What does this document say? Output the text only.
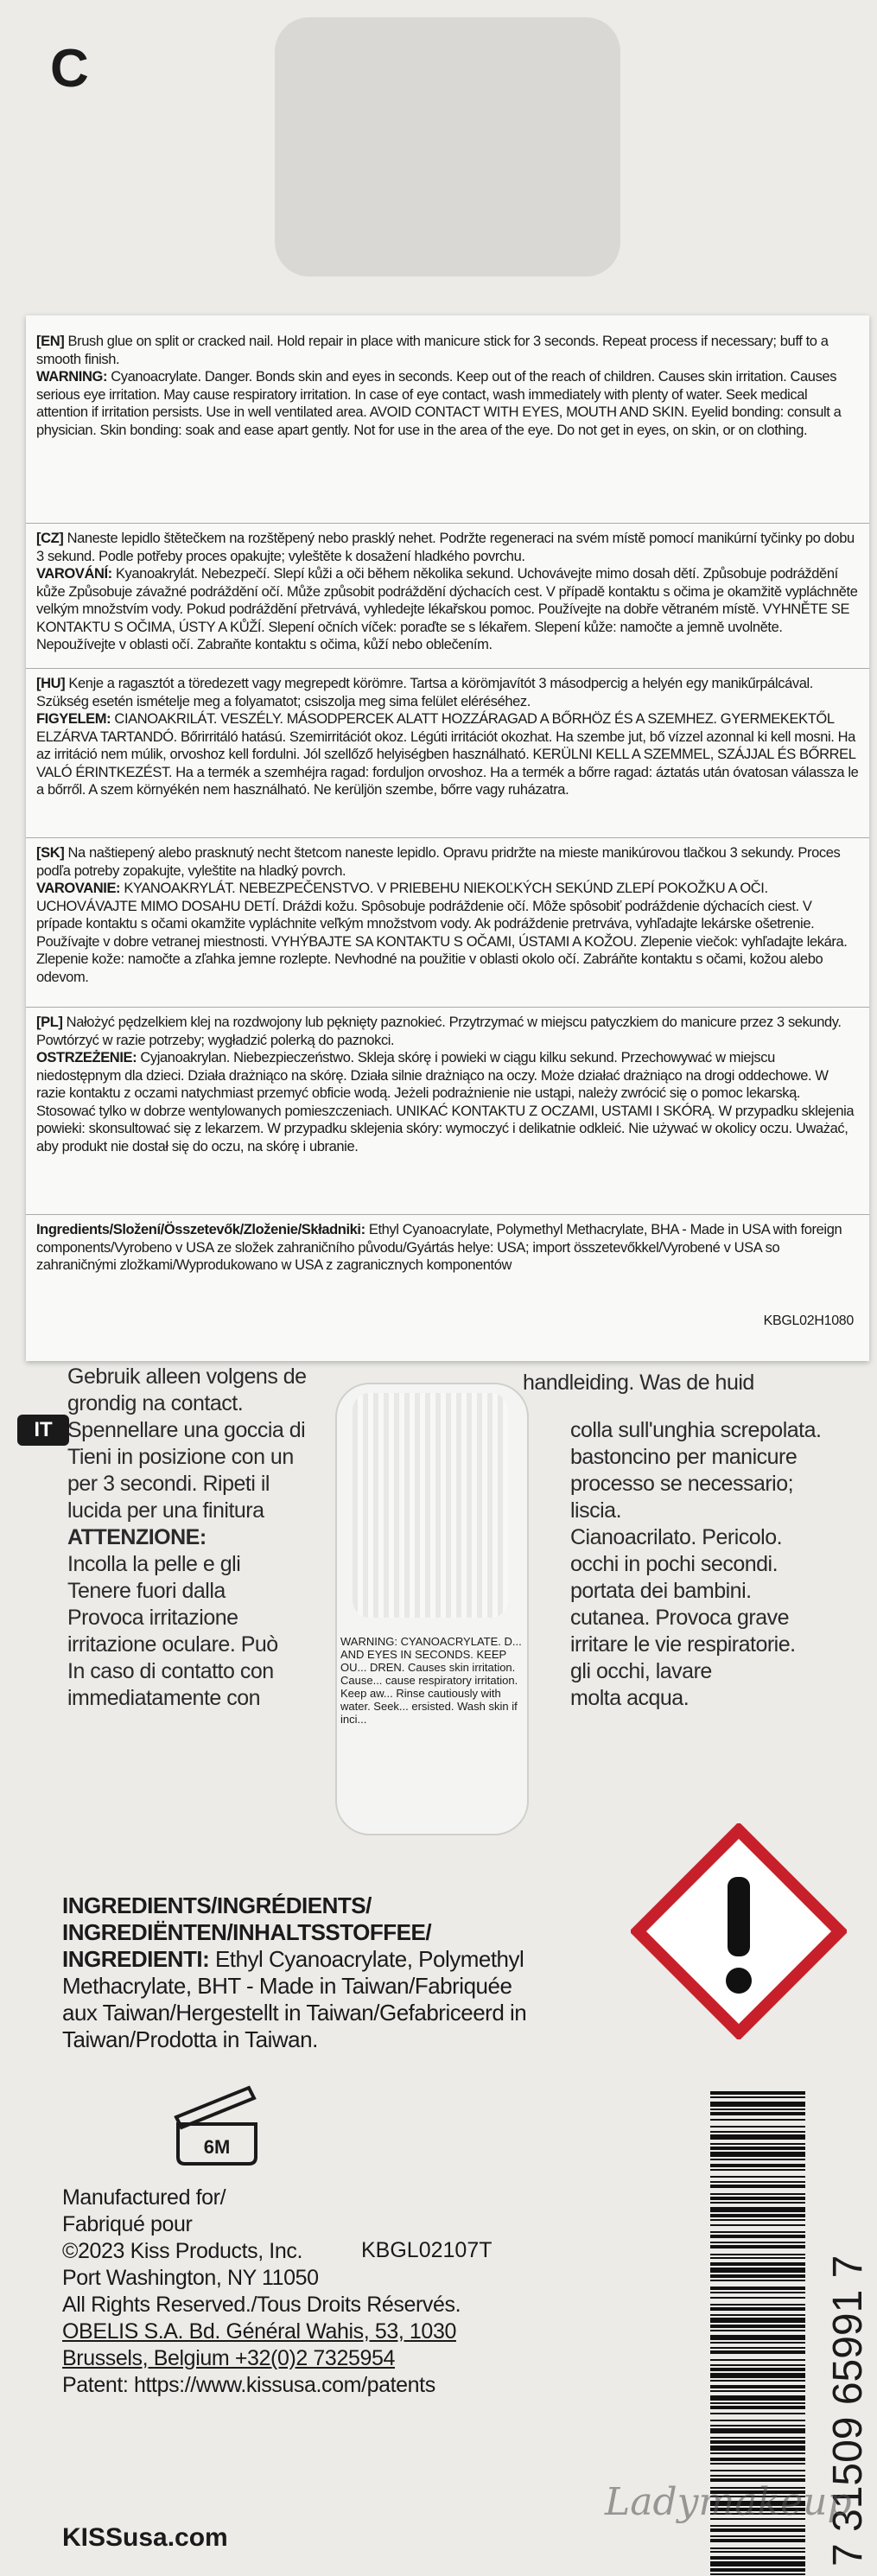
C
Gebruik alleen volgens de
grondig na contact.
handleiding. Was de huid
IT
WARNING: CYANOACRYLATE. D... AND EYES IN SECONDS. KEEP OU... DREN. Causes skin irritation. Cause... cause respiratory irritation. Keep aw... Rinse cautiously with water. Seek... ersisted. Wash skin if inci...
[EN] Brush glue on split or cracked nail. Hold repair in place with manicure stick for 3 seconds. Repeat process if necessary; buff to a smooth finish.
WARNING: Cyanoacrylate. Danger. Bonds skin and eyes in seconds. Keep out of the reach of children. Causes skin irritation. Causes serious eye irritation. May cause respiratory irritation. In case of eye contact, wash immediately with plenty of water. Seek medical attention if irritation persists. Use in well ventilated area. AVOID CONTACT WITH EYES, MOUTH AND SKIN. Eyelid bonding: consult a physician. Skin bonding: soak and ease apart gently. Not for use in the area of the eye. Do not get in eyes, on skin, or on clothing.
[CZ] Naneste lepidlo štětečkem na rozštěpený nebo prasklý nehet. Podržte regeneraci na svém místě pomocí manikúrní tyčinky po dobu 3 sekund. Podle potřeby proces opakujte; vyleštěte k dosažení hladkého povrchu.
VAROVÁNÍ: Kyanoakrylát. Nebezpečí. Slepí kůži a oči během několika sekund. Uchovávejte mimo dosah dětí. Způsobuje podráždění kůže Způsobuje závažné podráždění očí. Může způsobit podráždění dýchacích cest. V případě kontaktu s očima je okamžitě vypláchněte velkým množstvím vody. Pokud podráždění přetrvává, vyhledejte lékařskou pomoc. Používejte na dobře větraném místě. VYHNĚTE SE KONTAKTU S OČIMA, ÚSTY A KŮŽÍ. Slepení očních víček: poraďte se s lékařem. Slepení kůže: namočte a jemně uvolněte. Nepoužívejte v oblasti očí. Zabraňte kontaktu s očima, kůží nebo oblečením.
[HU] Kenje a ragasztót a töredezett vagy megrepedt körömre. Tartsa a körömjavítót 3 másodpercig a helyén egy manikűrpálcával. Szükség esetén ismételje meg a folyamatot; csiszolja meg sima felület eléréséhez.
FIGYELEM: CIANOAKRILÁT. VESZÉLY. MÁSODPERCEK ALATT HOZZÁRAGAD A BŐRHÖZ ÉS A SZEMHEZ. GYERMEKEKTŐL ELZÁRVA TARTANDÓ. Bőrirritáló hatású. Szemirritációt okoz. Légúti irritációt okozhat. Ha szembe jut, bő vízzel azonnal ki kell mosni. Ha az irritáció nem múlik, orvoshoz kell fordulni. Jól szellőző helyiségben használható. KERÜLNI KELL A SZEMMEL, SZÁJJAL ÉS BŐRREL VALÓ ÉRINTKEZÉST. Ha a termék a szemhéjra ragad: forduljon orvoshoz. Ha a termék a bőrre ragad: áztatás után óvatosan válassza le a bőrről. A szem környékén nem használható. Ne kerüljön szembe, bőrre vagy ruházatra.
[SK] Na naštiepený alebo prasknutý necht štetcom naneste lepidlo. Opravu pridržte na mieste manikúrovou tlačkou 3 sekundy. Proces podľa potreby zopakujte, vyleštite na hladký povrch.
VAROVANIE: KYANOAKRYLÁT. NEBEZPEČENSTVO. V PRIEBEHU NIEKOĽKÝCH SEKÚND ZLEPÍ POKOŽKU A OČI. UCHOVÁVAJTE MIMO DOSAHU DETÍ. Dráždi kožu. Spôsobuje podráždenie očí. Môže spôsobiť podráždenie dýchacích ciest. V prípade kontaktu s očami okamžite vypláchnite veľkým množstvom vody. Ak podráždenie pretrváva, vyhľadajte lekárske ošetrenie. Používajte v dobre vetranej miestnosti. VYHÝBAJTE SA KONTAKTU S OČAMI, ÚSTAMI A KOŽOU. Zlepenie viečok: vyhľadajte lekára. Zlepenie kože: namočte a zľahka jemne rozlepte. Nevhodné na použitie v oblasti okolo očí. Zabráňte kontaktu s očami, kožou alebo odevom.
[PL] Nałożyć pędzelkiem klej na rozdwojony lub pęknięty paznokieć. Przytrzymać w miejscu patyczkiem do manicure przez 3 sekundy. Powtórzyć w razie potrzeby; wygładzić polerką do paznokci.
OSTRZEŻENIE: Cyjanoakrylan. Niebezpieczeństwo. Skleja skórę i powieki w ciągu kilku sekund. Przechowywać w miejscu niedostępnym dla dzieci. Działa drażniąco na skórę. Działa silnie drażniąco na oczy. Może działać drażniąco na drogi oddechowe. W razie kontaktu z oczami natychmiast przemyć obficie wodą. Jeżeli podrażnienie nie ustąpi, należy zwrócić się o pomoc lekarską. Stosować tylko w dobrze wentylowanych pomieszczeniach. UNIKAĆ KONTAKTU Z OCZAMI, USTAMI I SKÓRĄ. W przypadku sklejenia powieki: skonsultować się z lekarzem. W przypadku sklejenia skóry: wymoczyć i delikatnie odkleić. Nie używać w okolicy oczu. Uważać, aby produkt nie dostał się do oczu, na skórę i ubranie.
Ingredients/Složení/Összetevők/Zloženie/Składniki: Ethyl Cyanoacrylate, Polymethyl Methacrylate, BHA - Made in USA with foreign components/Vyrobeno v USA ze složek zahraničního původu/Gyártás helye: USA; import összetevőkkel/Vyrobené v USA so zahraničnými zložkami/Wyprodukowano w USA z zagranicznych komponentów
KBGL02H1080
INGREDIENTS/INGRÉDIENTS/
INGREDIËNTEN/INHALTSSTOFFEE/
INGREDIENTI: Ethyl Cyanoacrylate, Polymethyl Methacrylate, BHT - Made in Taiwan/Fabriquée aux Taiwan/Hergestellt in Taiwan/Gefabriceerd in Taiwan/Prodotta in Taiwan.
6M
Manufactured for/
Fabriqué pour
©2023 Kiss Products, Inc.
Port Washington, NY 11050
All Rights Reserved./Tous Droits Réservés.
OBELIS S.A. Bd. Général Wahis, 53, 1030
Brussels, Belgium +32(0)2 7325954
Patent: https://www.kissusa.com/patents
KBGL02107T
7 31509 65991 7
KISSusa.com
Ladymakeup
Spennellare una goccia di
Tieni in posizione con un
per 3 secondi. Ripeti il
lucida per una finitura
ATTENZIONE:
Incolla la pelle e gli
Tenere fuori dalla
Provoca irritazione
irritazione oculare. Può
In caso di contatto con
immediatamente con
colla sull'unghia screpolata.
bastoncino per manicure
processo se necessario;
liscia.
Cianoacrilato. Pericolo.
occhi in pochi secondi.
portata dei bambini.
cutanea. Provoca grave
irritare le vie respiratorie.
gli occhi, lavare
molta acqua.
